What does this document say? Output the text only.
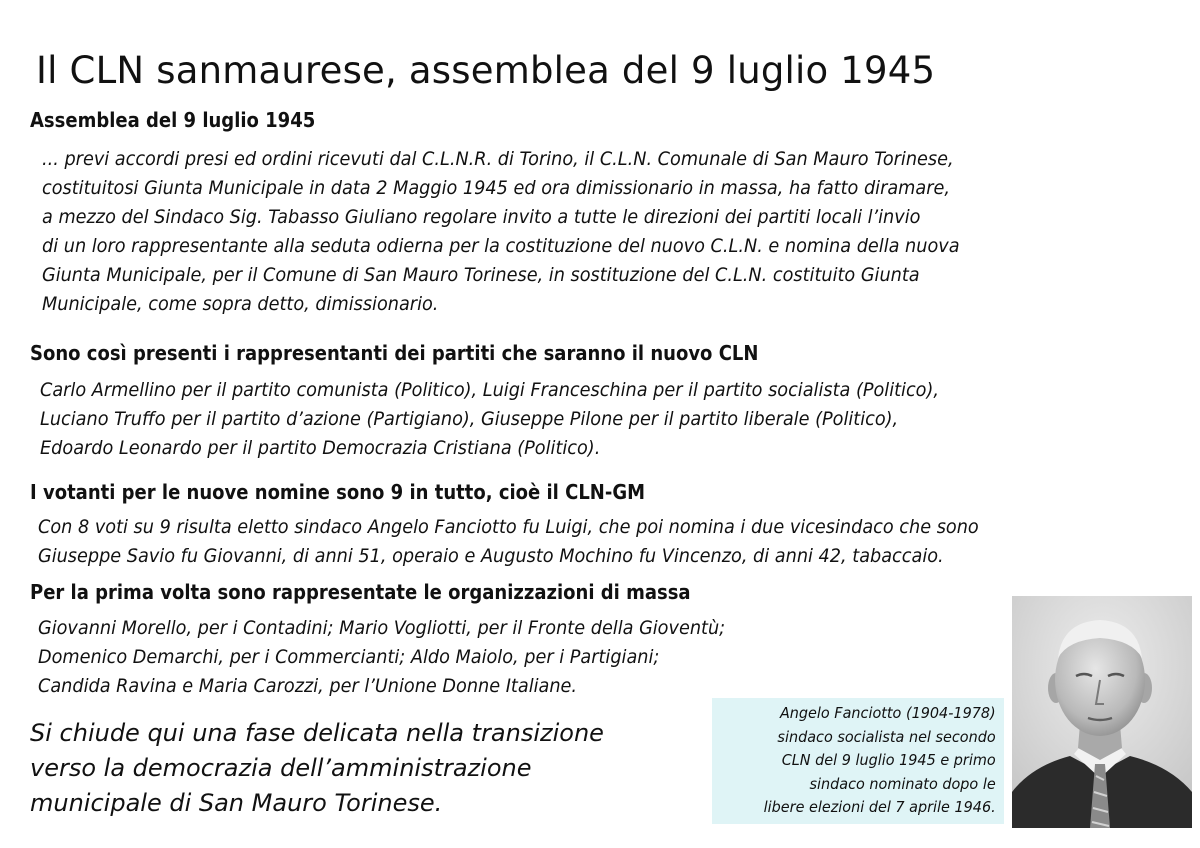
Il CLN sanmaurese, assemblea del 9 luglio 1945
Assemblea del 9 luglio 1945
... previ accordi presi ed ordini ricevuti dal C.L.N.R. di Torino, il C.L.N. Comunale di San Mauro Torinese,
costituitosi Giunta Municipale in data 2 Maggio 1945 ed ora dimissionario in massa, ha fatto diramare,
a mezzo del Sindaco Sig. Tabasso Giuliano regolare invito a tutte le direzioni dei partiti locali l’invio
di un loro rappresentante alla seduta odierna per la costituzione del nuovo C.L.N. e nomina della nuova
Giunta Municipale, per il Comune di San Mauro Torinese, in sostituzione del C.L.N. costituito Giunta
Municipale, come sopra detto, dimissionario.
Sono così presenti i rappresentanti dei partiti che saranno il nuovo CLN
Carlo Armellino per il partito comunista (Politico), Luigi Franceschina per il partito socialista (Politico),
Luciano Truffo per il partito d’azione (Partigiano), Giuseppe Pilone per il partito liberale (Politico),
Edoardo Leonardo per il partito Democrazia Cristiana (Politico).
I votanti per le nuove nomine sono 9 in tutto, cioè il CLN-GM
Con 8 voti su 9 risulta eletto sindaco Angelo Fanciotto fu Luigi, che poi nomina i due vicesindaco che sono
Giuseppe Savio fu Giovanni, di anni 51, operaio e Augusto Mochino fu Vincenzo, di anni 42, tabaccaio.
Per la prima volta sono rappresentate le organizzazioni di massa
Giovanni Morello, per i Contadini; Mario Vogliotti, per il Fronte della Gioventù;
Domenico Demarchi, per i Commercianti; Aldo Maiolo, per i Partigiani;
Candida Ravina e Maria Carozzi, per l’Unione Donne Italiane.
Si chiude qui una fase delicata nella transizione
verso la democrazia dell’amministrazione
municipale di San Mauro Torinese.
Angelo Fanciotto (1904-1978)
sindaco socialista nel secondo
CLN del 9 luglio 1945 e primo
sindaco nominato dopo le
libere elezioni del 7 aprile 1946.
